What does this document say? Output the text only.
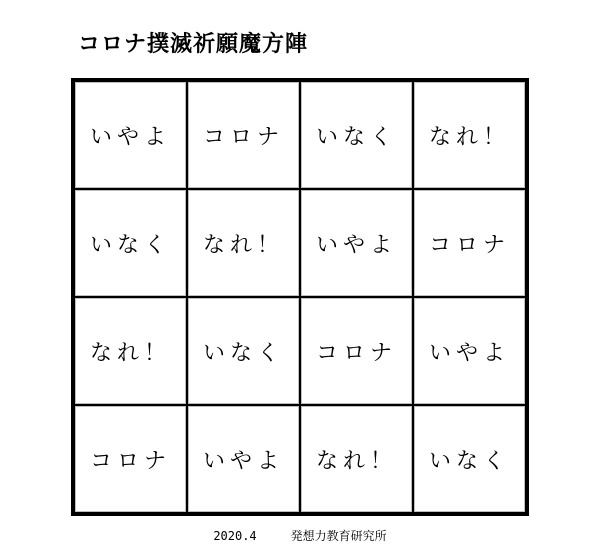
コロナ撲滅祈願魔方陣
いやよ	コロナ	いなく	なれ！
いなく	なれ！	いやよ	コロナ
なれ！	いなく	コロナ	いやよ
コロナ	いやよ	なれ！	いなく
2020.4	発想力教育研究所
